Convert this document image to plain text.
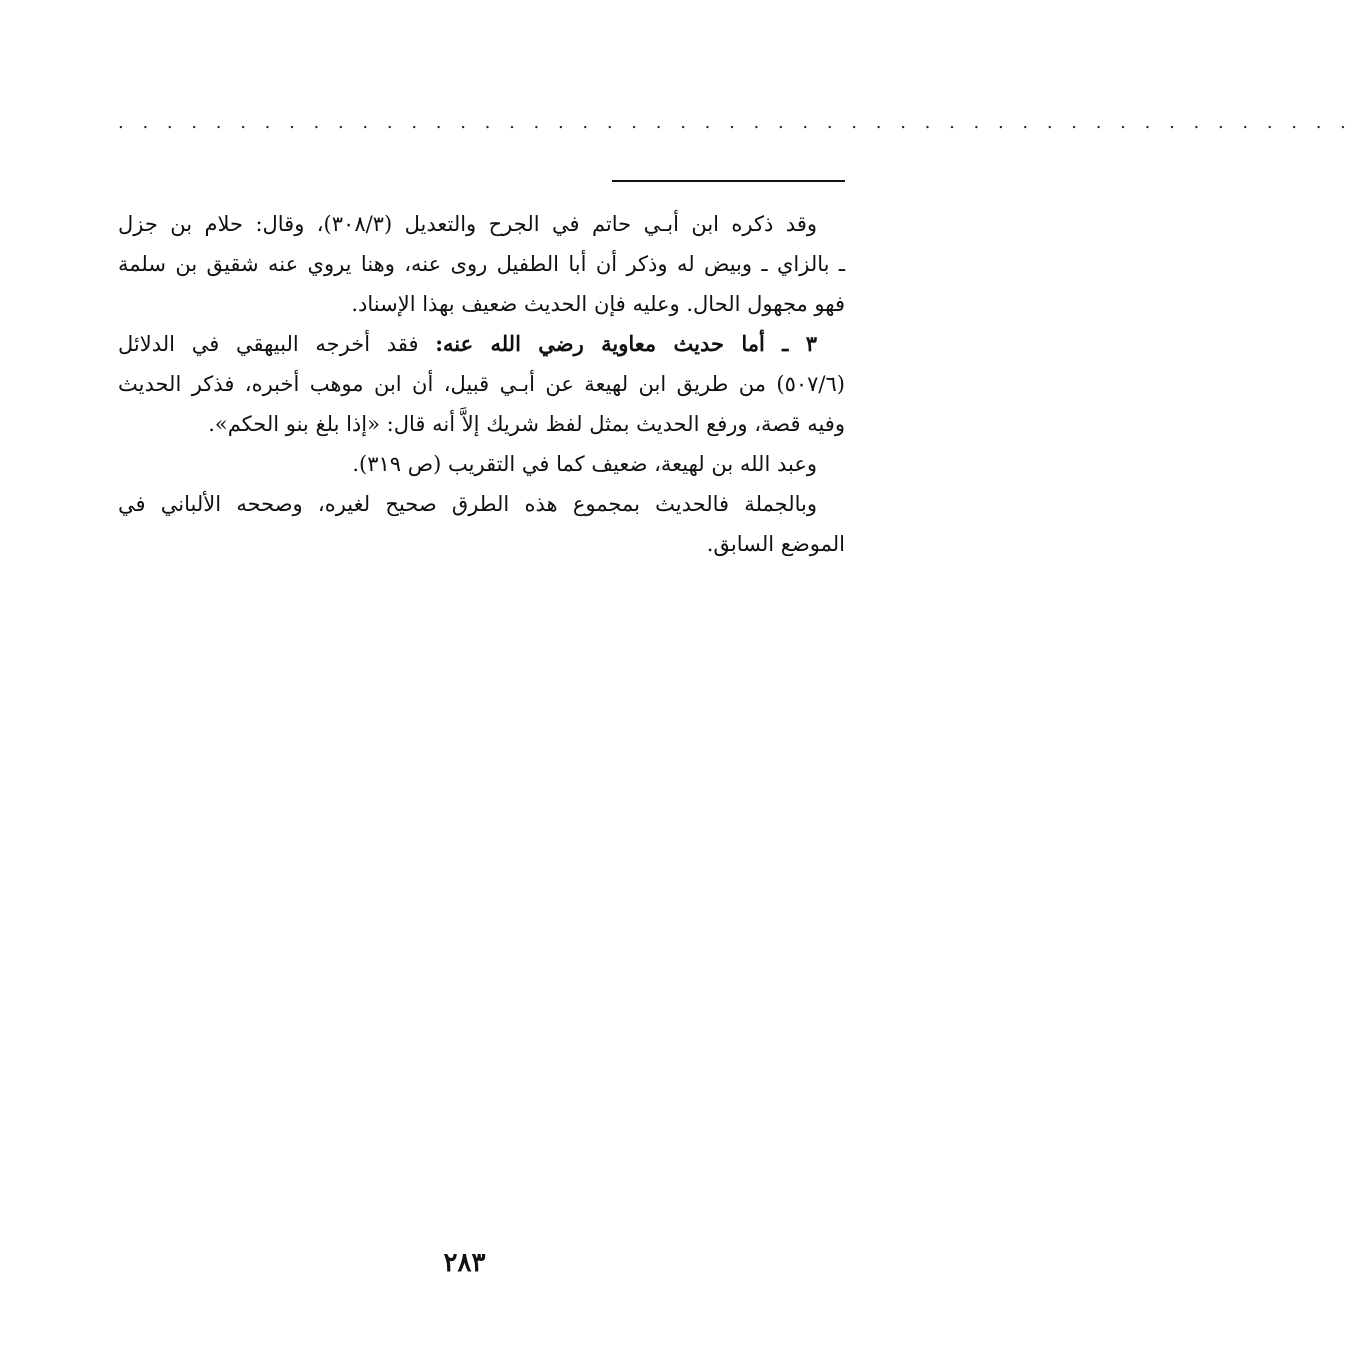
. . . . . . . . . . . . . . . . . . . . . . . . . . . . . . . . . . . . . . . . . . . . . . . . . . .
وقد ذكره ابن أبـي حاتم في الجرح والتعديل (٣٠٨/٣)، وقال: حلام بن جزل
ـ بالزاي ـ وبيض له وذكر أن أبا الطفيل روى عنه، وهنا يروي عنه شقيق بن سلمة
فهو مجهول الحال. وعليه فإن الحديث ضعيف بهذا الإسناد.
٣ ـ أما حديث معاوية رضي الله عنه: فقد أخرجه البيهقي في الدلائل
(٥٠٧/٦) من طريق ابن لهيعة عن أبـي قبيل، أن ابن موهب أخبره، فذكر الحديث
وفيه قصة، ورفع الحديث بمثل لفظ شريك إلاَّ أنه قال: «إذا بلغ بنو الحكم».
وعبد الله بن لهيعة، ضعيف كما في التقريب (ص ٣١٩).
وبالجملة فالحديث بمجموع هذه الطرق صحيح لغيره، وصححه الألباني في
الموضع السابق.
٢٨٣
